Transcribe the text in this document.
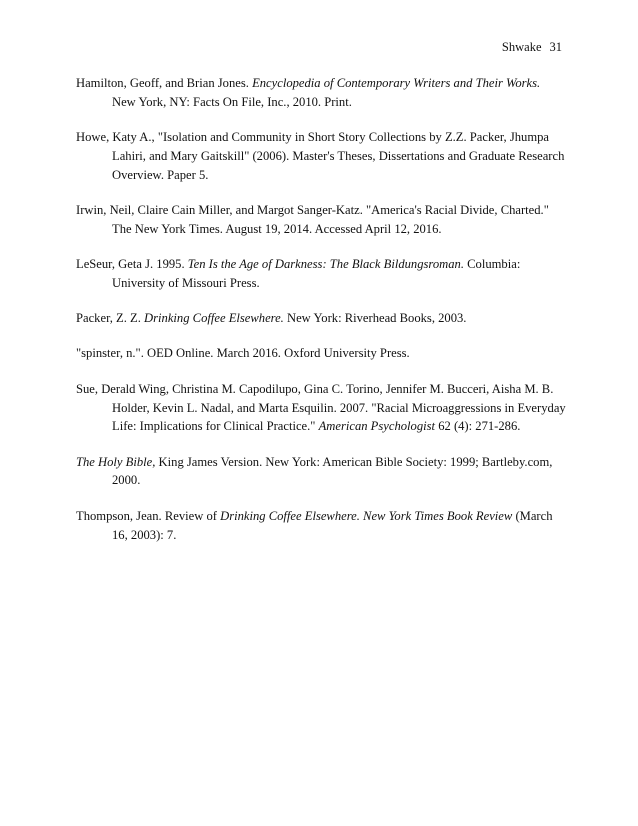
Shwake 31

Hamilton, Geoff, and Brian Jones. Encyclopedia of Contemporary Writers and Their Works. New York, NY: Facts On File, Inc., 2010. Print.

Howe, Katy A., "Isolation and Community in Short Story Collections by Z.Z. Packer, Jhumpa Lahiri, and Mary Gaitskill" (2006). Master's Theses, Dissertations and Graduate Research Overview. Paper 5.

Irwin, Neil, Claire Cain Miller, and Margot Sanger-Katz. "America's Racial Divide, Charted." The New York Times. August 19, 2014. Accessed April 12, 2016.

LeSeur, Geta J. 1995. Ten Is the Age of Darkness: The Black Bildungsroman. Columbia: University of Missouri Press.

Packer, Z. Z. Drinking Coffee Elsewhere. New York: Riverhead Books, 2003.

"spinster, n.". OED Online. March 2016. Oxford University Press.

Sue, Derald Wing, Christina M. Capodilupo, Gina C. Torino, Jennifer M. Bucceri, Aisha M. B. Holder, Kevin L. Nadal, and Marta Esquilin. 2007. "Racial Microaggressions in Everyday Life: Implications for Clinical Practice." American Psychologist 62 (4): 271-286.

The Holy Bible, King James Version. New York: American Bible Society: 1999; Bartleby.com, 2000.

Thompson, Jean. Review of Drinking Coffee Elsewhere. New York Times Book Review (March 16, 2003): 7.
